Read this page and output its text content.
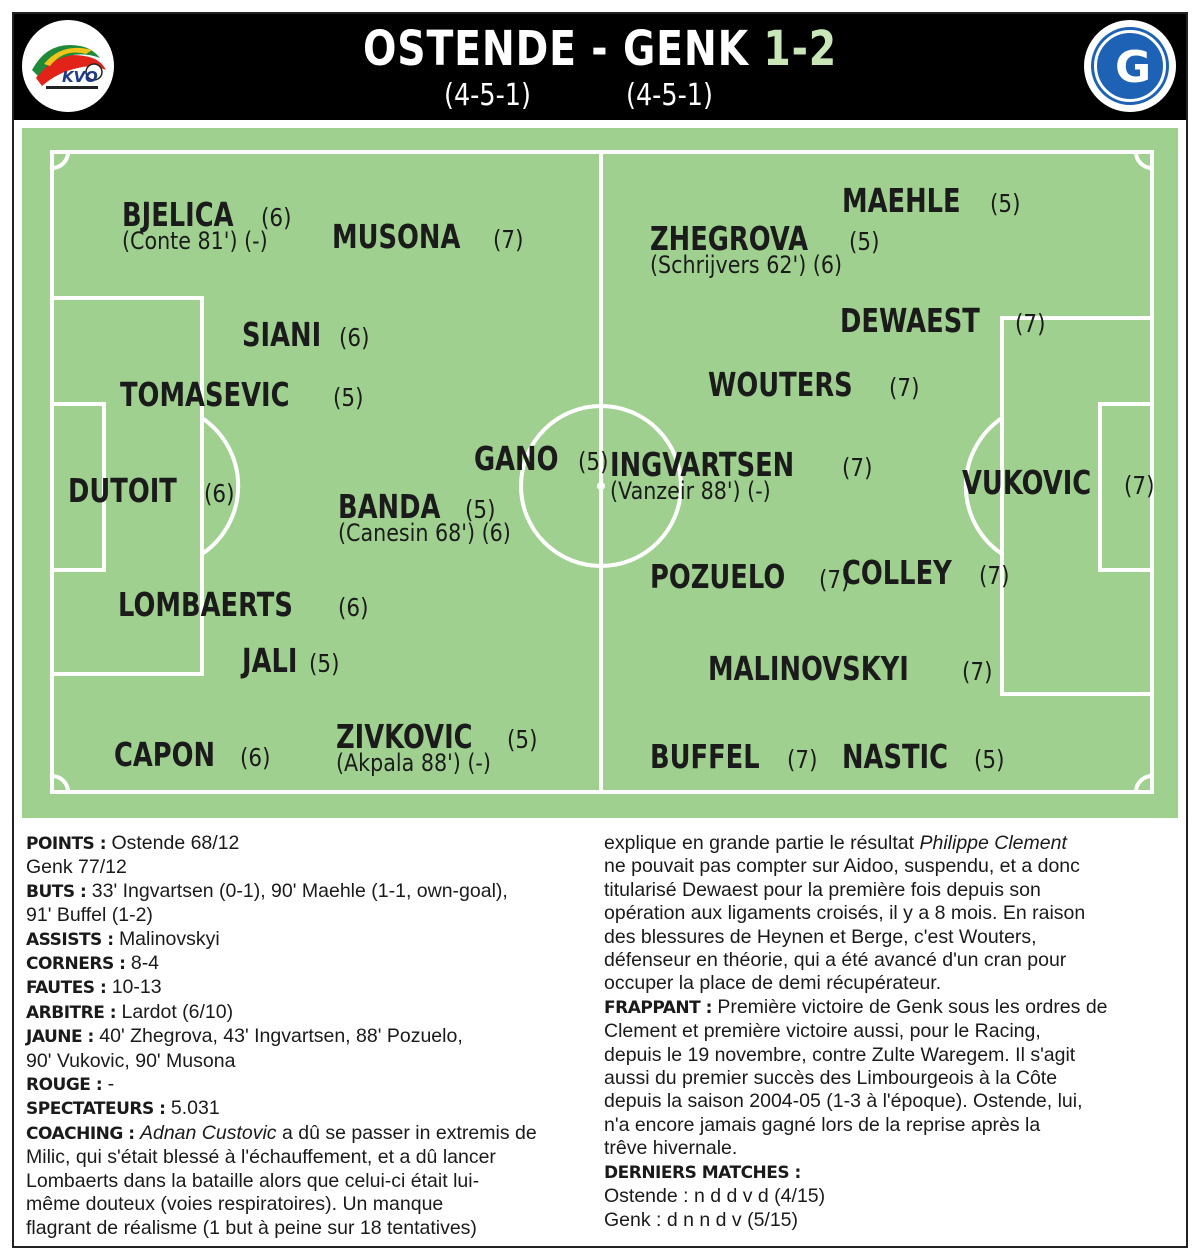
KVO	OSTENDE - GENK 1-2
(4-5-1)	(4-5-1)
G
BJELICA (6)
(Conte 81') (-) MUSONA (7)
SIANI (6)
TOMASEVIC (5)
GANO (5)
DUTOIT (6)	BANDA (5)
(Canesin 68') (6)
LOMBAERTS (6)
JALI (5)
CAPON (6)
ZIVKOVIC (5)
(Akpala 88') (-)
MAEHLE (5)
ZHEGROVA (5)
(Schrijvers 62') (6)
DEWAEST (7)
WOUTERS (7)
INGVARTSEN (7)
(Vanzeir 88') (-)	VUKOVIC (7)
POZUELO (7)
COLLEY (7)
MALINOVSKYI (7)
BUFFEL (7) NASTIC (5)

POINTS : Ostende 68/12

Genk 77/12

BUTS : 33' Ingvartsen (0-1), 90' Maehle (1-1, own-goal),

91' Buffel (1-2)

ASSISTS : Malinovskyi

CORNERS : 8-4

FAUTES : 10-13

ARBITRE : Lardot (6/10)

JAUNE : 40' Zhegrova, 43' Ingvartsen, 88' Pozuelo,

90' Vukovic, 90' Musona

ROUGE : -

SPECTATEURS : 5.031

COACHING : Adnan Custovic a dû se passer in extremis de

Milic, qui s'était blessé à l'échauffement, et a dû lancer

Lombaerts dans la bataille alors que celui-ci était lui-

même douteux (voies respiratoires). Un manque

flagrant de réalisme (1 but à peine sur 18 tentatives)

explique en grande partie le résultat Philippe Clement

ne pouvait pas compter sur Aidoo, suspendu, et a donc

titularisé Dewaest pour la première fois depuis son

opération aux ligaments croisés, il y a 8 mois. En raison

des blessures de Heynen et Berge, c'est Wouters,

défenseur en théorie, qui a été avancé d'un cran pour

occuper la place de demi récupérateur.

FRAPPANT : Première victoire de Genk sous les ordres de

Clement et première victoire aussi, pour le Racing,

depuis le 19 novembre, contre Zulte Waregem. Il s'agit

aussi du premier succès des Limbourgeois à la Côte

depuis la saison 2004-05 (1-3 à l'époque). Ostende, lui,

n'a encore jamais gagné lors de la reprise après la

trêve hivernale.

DERNIERS MATCHES :

Ostende : n d d v d (4/15)

Genk : d n n d v (5/15)
